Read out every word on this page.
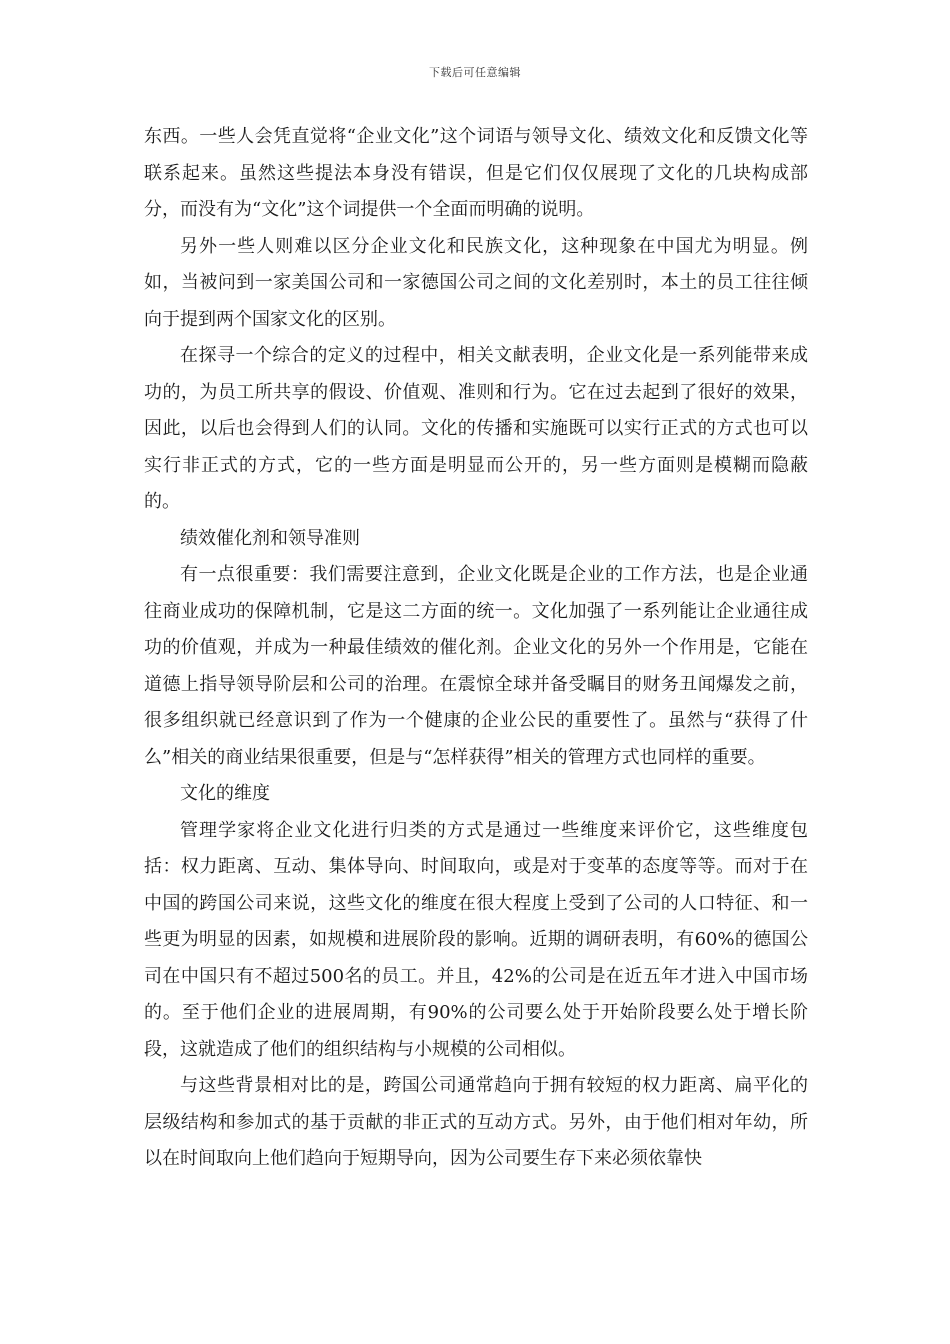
下载后可任意编辑

东西。一些人会凭直觉将“企业文化”这个词语与领导文化、绩效文化和反馈文化等联系起来。虽然这些提法本身没有错误，但是它们仅仅展现了文化的几块构成部分，而没有为“文化”这个词提供一个全面而明确的说明。

另外一些人则难以区分企业文化和民族文化，这种现象在中国尤为明显。例如，当被问到一家美国公司和一家德国公司之间的文化差别时，本土的员工往往倾向于提到两个国家文化的区别。

在探寻一个综合的定义的过程中，相关文献表明，企业文化是一系列能带来成功的，为员工所共享的假设、价值观、准则和行为。它在过去起到了很好的效果，因此，以后也会得到人们的认同。文化的传播和实施既可以实行正式的方式也可以实行非正式的方式，它的一些方面是明显而公开的，另一些方面则是模糊而隐蔽的。

绩效催化剂和领导准则

有一点很重要：我们需要注意到，企业文化既是企业的工作方法，也是企业通往商业成功的保障机制，它是这二方面的统一。文化加强了一系列能让企业通往成功的价值观，并成为一种最佳绩效的催化剂。企业文化的另外一个作用是，它能在道德上指导领导阶层和公司的治理。在震惊全球并备受瞩目的财务丑闻爆发之前，很多组织就已经意识到了作为一个健康的企业公民的重要性了。虽然与“获得了什么”相关的商业结果很重要，但是与“怎样获得”相关的管理方式也同样的重要。

文化的维度

管理学家将企业文化进行归类的方式是通过一些维度来评价它，这些维度包括：权力距离、互动、集体导向、时间取向，或是对于变革的态度等等。而对于在中国的跨国公司来说，这些文化的维度在很大程度上受到了公司的人口特征、和一些更为明显的因素，如规模和进展阶段的影响。近期的调研表明，有60%的德国公司在中国只有不超过500名的员工。并且，42%的公司是在近五年才进入中国市场的。至于他们企业的进展周期，有90%的公司要么处于开始阶段要么处于增长阶段，这就造成了他们的组织结构与小规模的公司相似。

与这些背景相对比的是，跨国公司通常趋向于拥有较短的权力距离、扁平化的层级结构和参加式的基于贡献的非正式的互动方式。另外，由于他们相对年幼，所以在时间取向上他们趋向于短期导向，因为公司要生存下来必须依靠快
